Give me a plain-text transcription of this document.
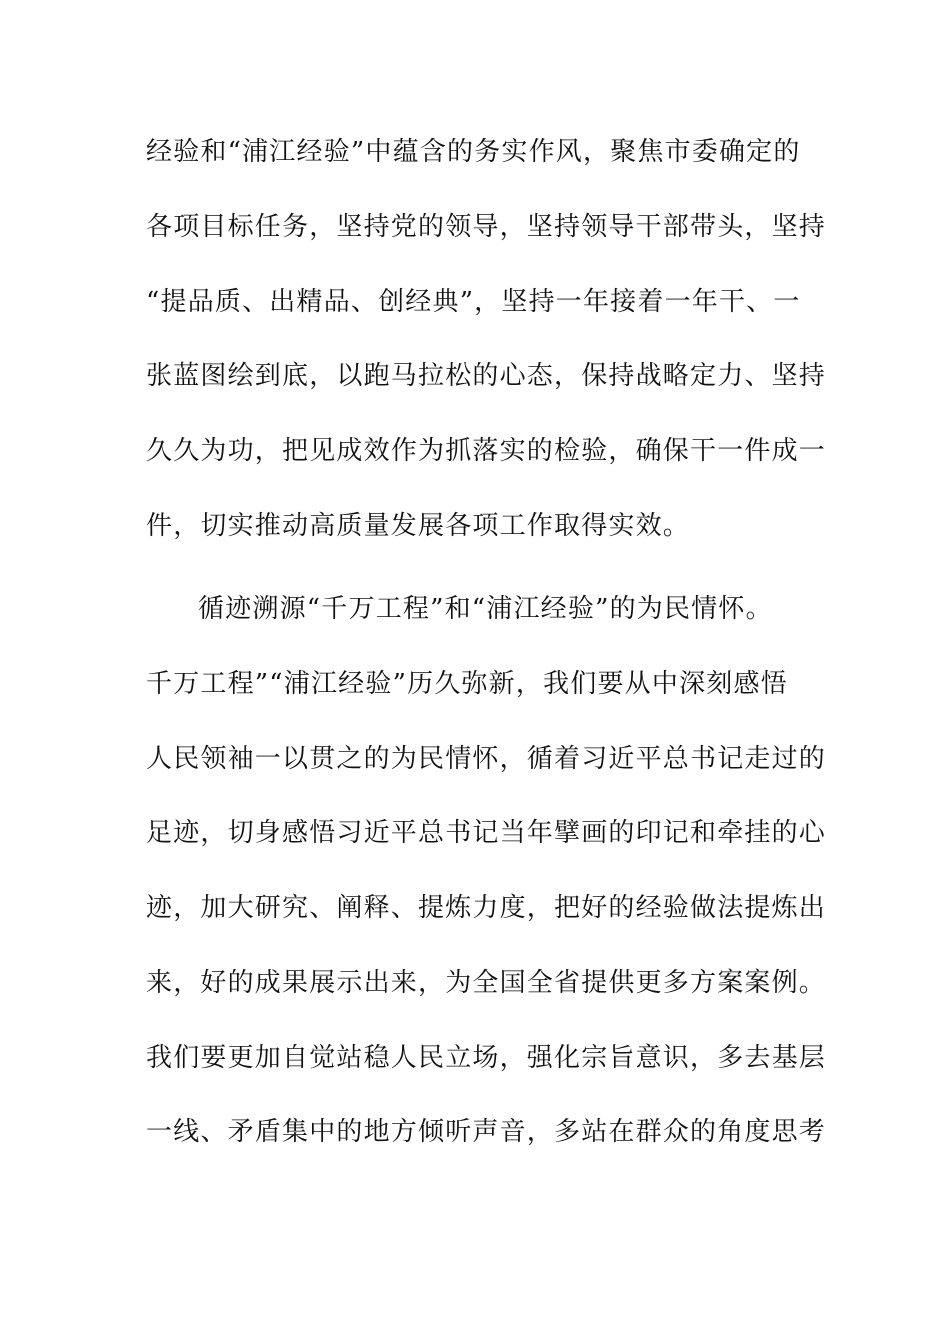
经验和“浦江经验”中蕴含的务实作风，聚焦市委确定的
各项目标任务，坚持党的领导，坚持领导干部带头，坚持
“提品质、出精品、创经典”，坚持一年接着一年干、一
张蓝图绘到底，以跑马拉松的心态，保持战略定力、坚持
久久为功，把见成效作为抓落实的检验，确保干一件成一
件，切实推动高质量发展各项工作取得实效。
循迹溯源“千万工程”和“浦江经验”的为民情怀。
千万工程”“浦江经验”历久弥新，我们要从中深刻感悟
人民领袖一以贯之的为民情怀，循着习近平总书记走过的
足迹，切身感悟习近平总书记当年擘画的印记和牵挂的心
迹，加大研究、阐释、提炼力度，把好的经验做法提炼出
来，好的成果展示出来，为全国全省提供更多方案案例。
我们要更加自觉站稳人民立场，强化宗旨意识，多去基层
一线、矛盾集中的地方倾听声音，多站在群众的角度思考
